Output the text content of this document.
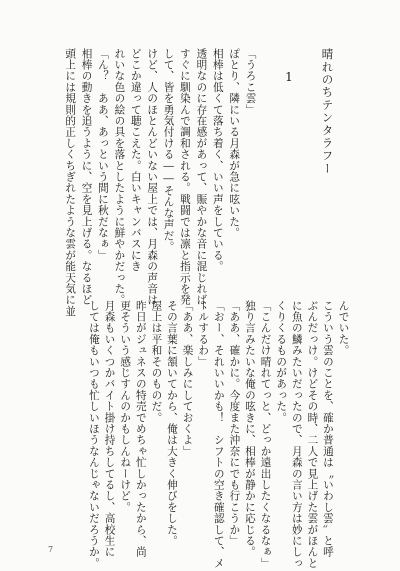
晴れのちテンタラフー
1
「うろこ雲」
ぽとり、隣にいる月森が急に呟いた。
相棒は低くて落ち着く、いい声をしている。
透明なのに存在感があって、賑やかな音に混じれば、
すぐに馴染んで調和される。戦闘では凛と指示を発
して、皆を勇気付ける――そんな声だ。
けど、人のほとんどいない屋上では、月森の声音は
どこか違って聴こえた。白いキャンバスにき
れいな色の絵の具を落としたように鮮やかだった。
「ん？　ああ、あっという間に秋だなぁ」
相棒の動きを追うように、空を見上げる。なるほど
頭上には規則的正しくちぎれたような雲が能天気に並
んでいた。
こういう雲のことを、確か普通は〝いわし雲〟と呼
ぶんだっけ。けどその時、二人で見上げた雲がほんと
に魚の鱗みたいだったので、月森の言い方は妙にしっ
くりくるものがあった。
「こんだけ晴れてっと、どっか遠出したくなるなぁ」
独り言みたいな俺の呟きに、相棒が静かに応じる。
「ああ、確かに。今度また沖奈にでも行こうか」
「おー、それいいかも！　シフトの空き確認して、メ
ールするわ」
「ああ、楽しみにしておくよ」
その言葉に頷いてから、俺は大きく伸びをした。
屋上は平和そのものだ。
昨日がジュネスの特売でめちゃ忙しかったから、尚
更そういう感じすんのかもしんねーけど。
月森もいくつかバイト掛け持ちしてるし、高校生に
しては俺もいつも忙しいほうなんじゃないだろうか。
7
